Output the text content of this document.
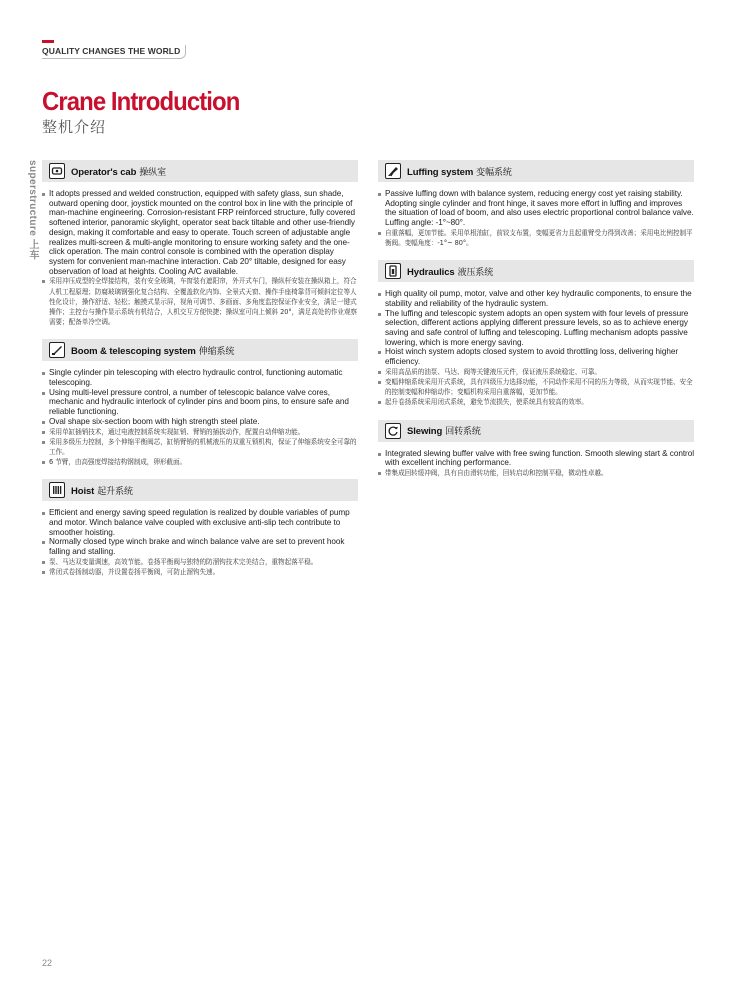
QUALITY CHANGES THE WORLD
Crane Introduction
整机介绍
superstructure 上车	Operator's cab 操纵室
It adopts pressed and welded construction, equipped with safety glass, sun shade, outward opening door, joystick mounted on the control box in line with the principle of man-machine engineering. Corrosion-resistant FRP reinforced structure, fully covered softened interior, panoramic skylight, operator seat back tiltable and other use-friendly design, making it comfortable and easy to operate. Touch screen of adjustable angle realizes multi-screen & multi-angle monitoring to ensure working safety and the one-click operation. The main control console is combined with the operation display system for convenient man-machine interaction. Cab 20° tiltable, designed for easy observation of load at heights. Cooling A/C available.
采用冲压成型的全焊接结构，装有安全玻璃，车窗装有遮阳帘，外开式车门，操纵杆安装在操纵箱上，符合人机工程原理；防腐玻璃钢强化复合结构、全覆盖软化内饰、全景式天窗、操作手座椅靠背可倾斜定位等人性化设计，操作舒适、轻松；触摸式显示屏，视角可调节、多画面、多角度监控保证作业安全，满足一键式操作；主控台与操作显示系统有机结合，人机交互方便快捷；操纵室可向上倾斜 20°，满足高处的作业观察需要；配备单冷空调。
Boom & telescoping system 伸缩系统
Single cylinder pin telescoping with electro hydraulic control, functioning automatic telescoping.
Using multi-level pressure control, a number of telescopic balance valve cores, mechanic and hydraulic interlock of cylinder pins and boom pins, to ensure safe and reliable functioning.
Oval shape six-section boom with high strength steel plate.
采用单缸插销技术，通过电液控制系统实现缸销、臂销的插拔动作，配置自动伸缩功能。
采用多级压力控制，多个伸缩平衡阀芯，缸销臂销的机械液压的双重互锁机构，保证了伸缩系统安全可靠的工作。
6 节臂，由高强度焊接结构钢制成，卵形截面。
Hoist 起升系统
Efficient and energy saving speed regulation is realized by double variables of pump and motor. Winch balance valve coupled with exclusive anti-slip tech contribute to smoother hoisting.
Normally closed type winch brake and winch balance valve are set to prevent hook falling and stalling.
泵、马达双变量调速，高效节能。卷扬平衡阀与独特的防溜钩技术完美结合，重物起落平稳。
常闭式卷扬制动器，并设置卷扬平衡阀，可防止溜钩失速。
Luffing system 变幅系统
Passive luffing down with balance system, reducing energy cost yet raising stability. Adopting single cylinder and front hinge, it saves more effort in luffing and improves the situation of load of boom, and also uses electric proportional control balance valve. Luffing angle: -1°~80°.
自重落幅，更加节能。采用单根油缸，前铰支布置，变幅更省力且起重臂受力得到改善；采用电比例控制平衡阀。变幅角度：-1°~ 80°。
Hydraulics 液压系统
High quality oil pump, motor, valve and other key hydraulic components, to ensure the stability and reliability of the hydraulic system.
The luffing and telescopic system adopts an open system with four levels of pressure selection, different actions applying different pressure levels, so as to achieve energy saving and safe control of luffing and telescoping. Luffing mechanism adopts passive lowering, which is more energy saving.
Hoist winch system adopts closed system to avoid throttling loss, delivering higher efficiency.
采用高品质的油泵、马达、阀等关键液压元件，保证液压系统稳定、可靠。
变幅伸缩系统采用开式系统，具有四级压力选择功能，不同动作采用不同的压力等级，从而实现节能、安全的控制变幅和伸缩动作；变幅机构采用自重落幅，更加节能。
起升卷扬系统采用闭式系统，避免节流损失，使系统具有较高的效率。
Slewing 回转系统
Integrated slewing buffer valve with free swing function. Smooth slewing start & control with excellent inching performance.
带集成回转缓冲阀，具有自由滑转功能，回转启动和控制平稳，微动性卓越。
22
